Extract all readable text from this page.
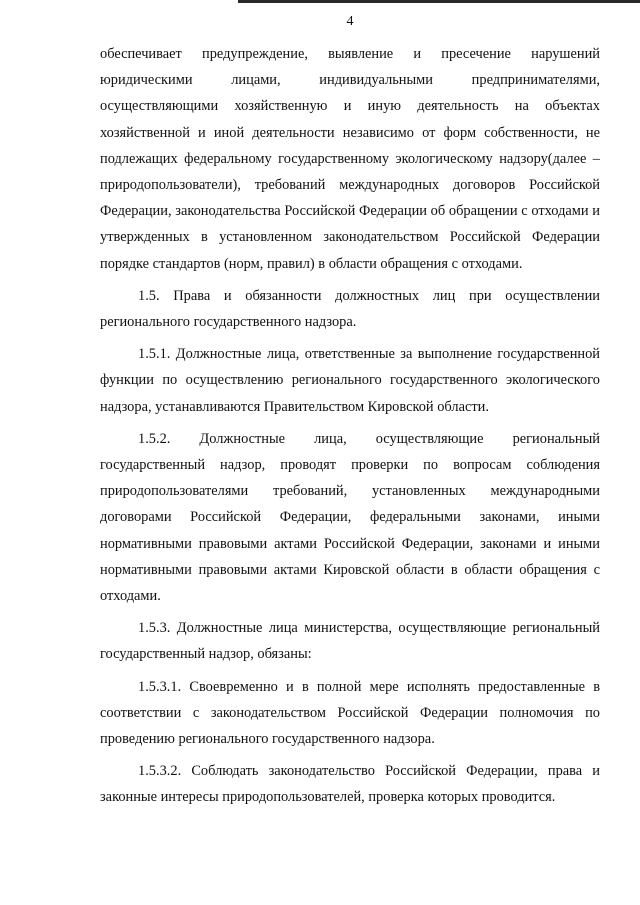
4

обеспечивает предупреждение, выявление и пресечение нарушений юридическими лицами, индивидуальными предпринимателями, осуществляющими хозяйственную и иную деятельность на объектах хозяйственной и иной деятельности независимо от форм собственности, не подлежащих федеральному государственному экологическому надзору(далее – природопользователи), требований международных договоров Российской Федерации, законодательства Российской Федерации об обращении с отходами и утвержденных в установленном законодательством Российской Федерации порядке стандартов (норм, правил) в области обращения с отходами.

1.5. Права и обязанности должностных лиц при осуществлении регионального государственного надзора.

1.5.1. Должностные лица, ответственные за выполнение государственной функции по осуществлению регионального государственного экологического надзора, устанавливаются Правительством Кировской области.

1.5.2. Должностные лица, осуществляющие региональный государственный надзор, проводят проверки по вопросам соблюдения природопользователями требований, установленных международными договорами Российской Федерации, федеральными законами, иными нормативными правовыми актами Российской Федерации, законами и иными нормативными правовыми актами Кировской области в области обращения с отходами.

1.5.3. Должностные лица министерства, осуществляющие региональный государственный надзор, обязаны:

1.5.3.1. Своевременно и в полной мере исполнять предоставленные в соответствии с законодательством Российской Федерации полномочия по проведению регионального государственного надзора.

1.5.3.2. Соблюдать законодательство Российской Федерации, права и законные интересы природопользователей, проверка которых проводится.
